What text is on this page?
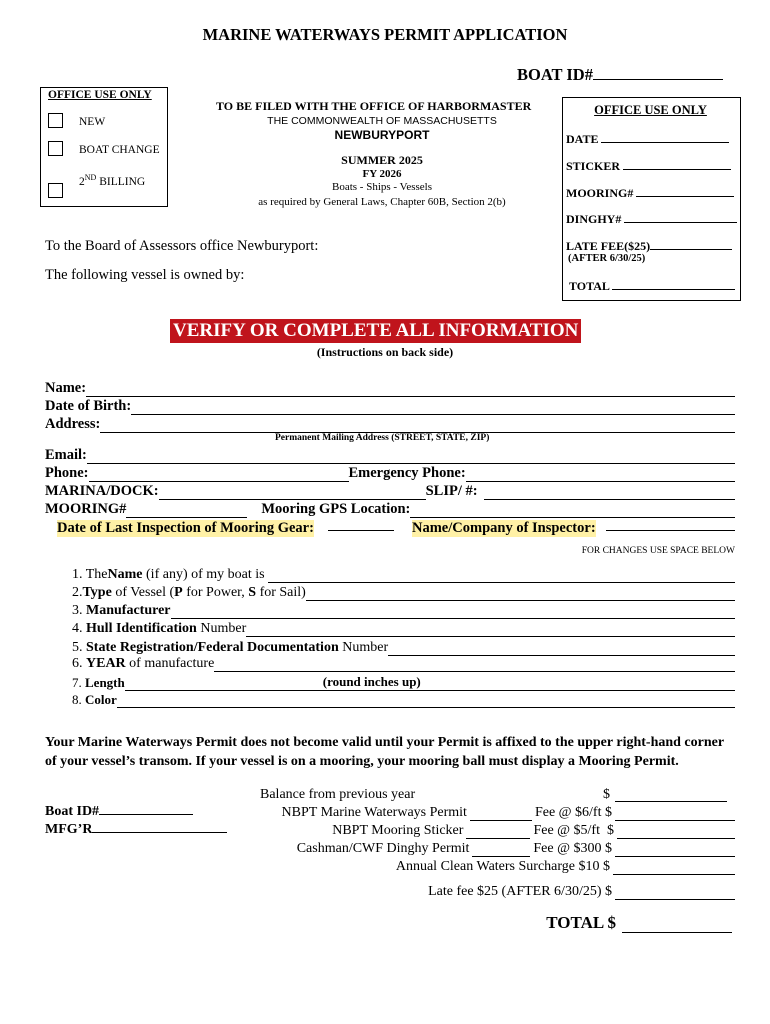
MARINE WATERWAYS PERMIT APPLICATION
BOAT ID#
OFFICE USE ONLY
NEW
BOAT CHANGE
2ND BILLING
TO BE FILED WITH THE OFFICE OF HARBORMASTER
THE COMMONWEALTH OF MASSACHUSETTS
NEWBURYPORT
SUMMER 2025
FY 2026
Boats - Ships - Vessels
as required by General Laws, Chapter 60B, Section 2(b)
OFFICE USE ONLY
DATE
STICKER
MOORING#
DINGHY#
LATE FEE($25)
(AFTER 6/30/25)
TOTAL
To the Board of Assessors office Newburyport:
The following vessel is owned by:
VERIFY OR COMPLETE ALL INFORMATION
(Instructions on back side)
Name:
Date of Birth:
Address:
Permanent Mailing Address (STREET, STATE, ZIP)
Email:
Phone:	Emergency Phone:
MARINA/DOCK:	SLIP/ #:
MOORING#	Mooring GPS Location:
Date of Last Inspection of Mooring Gear:	Name/Company of Inspector:
FOR CHANGES USE SPACE BELOW
1. The Name (if any) of my boat is
2. Type of Vessel ( P for Power, S for Sail)
3. Manufacturer
4. Hull Identification Number
5. State Registration/Federal Documentation Number
6. YEAR of manufacture
7. Length	(round inches up)
8. Color
Your Marine Waterways Permit does not become valid until your Permit is affixed to the upper right-hand corner of your vessel’s transom. If your vessel is on a mooring, your mooring ball must display a Mooring Permit.
Boat ID#
MFG’R
Balance from previous year	$
NBPT Marine Waterways Permit	Fee @ $6/ft $
NBPT Mooring Sticker	Fee @ $5/ft  $
Cashman/CWF Dinghy Permit	Fee @ $300 $
Annual Clean Waters Surcharge $10 $
Late fee $25 (AFTER 6/30/25) $
TOTAL $
